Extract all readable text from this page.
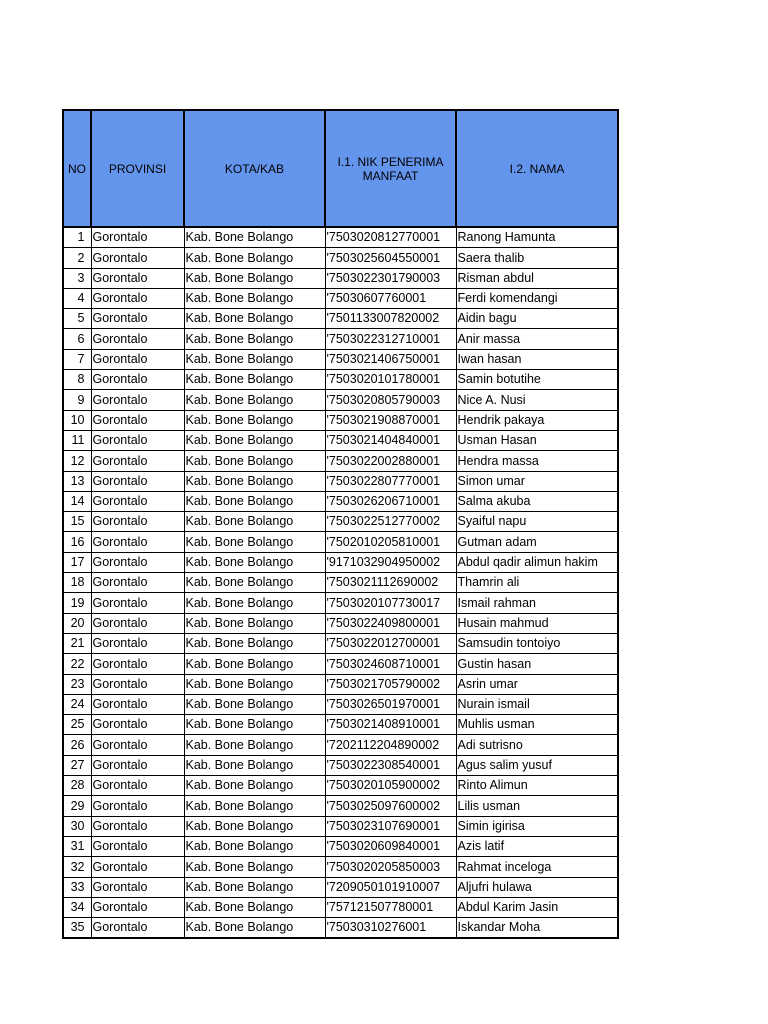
NO	PROVINSI	KOTA/KAB	I.1. NIK PENERIMA MANFAAT	I.2. NAMA
1	Gorontalo	Kab. Bone Bolango	'7503020812770001	Ranong Hamunta
2	Gorontalo	Kab. Bone Bolango	'7503025604550001	Saera thalib
3	Gorontalo	Kab. Bone Bolango	'7503022301790003	Risman abdul
4	Gorontalo	Kab. Bone Bolango	'75030607760001	Ferdi komendangi
5	Gorontalo	Kab. Bone Bolango	'7501133007820002	Aidin bagu
6	Gorontalo	Kab. Bone Bolango	'7503022312710001	Anir massa
7	Gorontalo	Kab. Bone Bolango	'7503021406750001	Iwan hasan
8	Gorontalo	Kab. Bone Bolango	'7503020101780001	Samin botutihe
9	Gorontalo	Kab. Bone Bolango	'7503020805790003	Nice A. Nusi
10	Gorontalo	Kab. Bone Bolango	'7503021908870001	Hendrik pakaya
11	Gorontalo	Kab. Bone Bolango	'7503021404840001	Usman Hasan
12	Gorontalo	Kab. Bone Bolango	'7503022002880001	Hendra massa
13	Gorontalo	Kab. Bone Bolango	'7503022807770001	Simon umar
14	Gorontalo	Kab. Bone Bolango	'7503026206710001	Salma akuba
15	Gorontalo	Kab. Bone Bolango	'7503022512770002	Syaiful napu
16	Gorontalo	Kab. Bone Bolango	'7502010205810001	Gutman adam
17	Gorontalo	Kab. Bone Bolango	'9171032904950002	Abdul qadir alimun hakim
18	Gorontalo	Kab. Bone Bolango	'7503021112690002	Thamrin ali
19	Gorontalo	Kab. Bone Bolango	'7503020107730017	Ismail rahman
20	Gorontalo	Kab. Bone Bolango	'7503022409800001	Husain mahmud
21	Gorontalo	Kab. Bone Bolango	'7503022012700001	Samsudin tontoiyo
22	Gorontalo	Kab. Bone Bolango	'7503024608710001	Gustin hasan
23	Gorontalo	Kab. Bone Bolango	'7503021705790002	Asrin umar
24	Gorontalo	Kab. Bone Bolango	'7503026501970001	Nurain ismail
25	Gorontalo	Kab. Bone Bolango	'7503021408910001	Muhlis usman
26	Gorontalo	Kab. Bone Bolango	'7202112204890002	Adi sutrisno
27	Gorontalo	Kab. Bone Bolango	'7503022308540001	Agus salim yusuf
28	Gorontalo	Kab. Bone Bolango	'7503020105900002	Rinto Alimun
29	Gorontalo	Kab. Bone Bolango	'7503025097600002	Lilis usman
30	Gorontalo	Kab. Bone Bolango	'7503023107690001	Simin igirisa
31	Gorontalo	Kab. Bone Bolango	'7503020609840001	Azis latif
32	Gorontalo	Kab. Bone Bolango	'7503020205850003	Rahmat inceloga
33	Gorontalo	Kab. Bone Bolango	'7209050101910007	Aljufri hulawa
34	Gorontalo	Kab. Bone Bolango	'757121507780001	Abdul Karim Jasin
35	Gorontalo	Kab. Bone Bolango	'75030310276001	Iskandar Moha
